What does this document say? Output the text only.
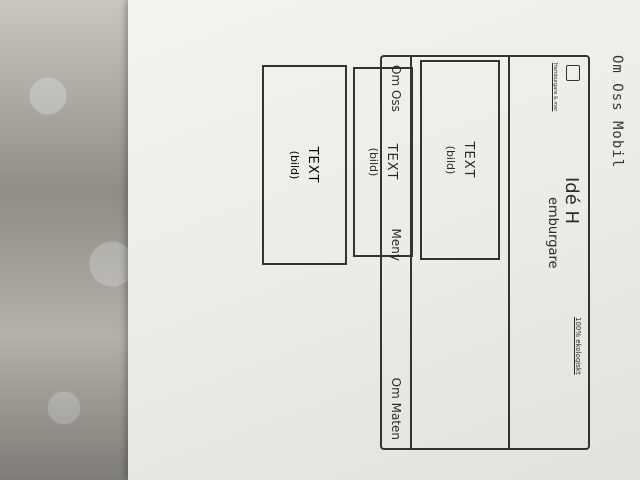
Om Oss Mobil
Hamburgare & mer
Idé H
emburgare
100% ekologiskt
TEXT
(bild)
TEXT
(bild)
Om Oss
Meny
Om Maten
TEXT
(bild)
